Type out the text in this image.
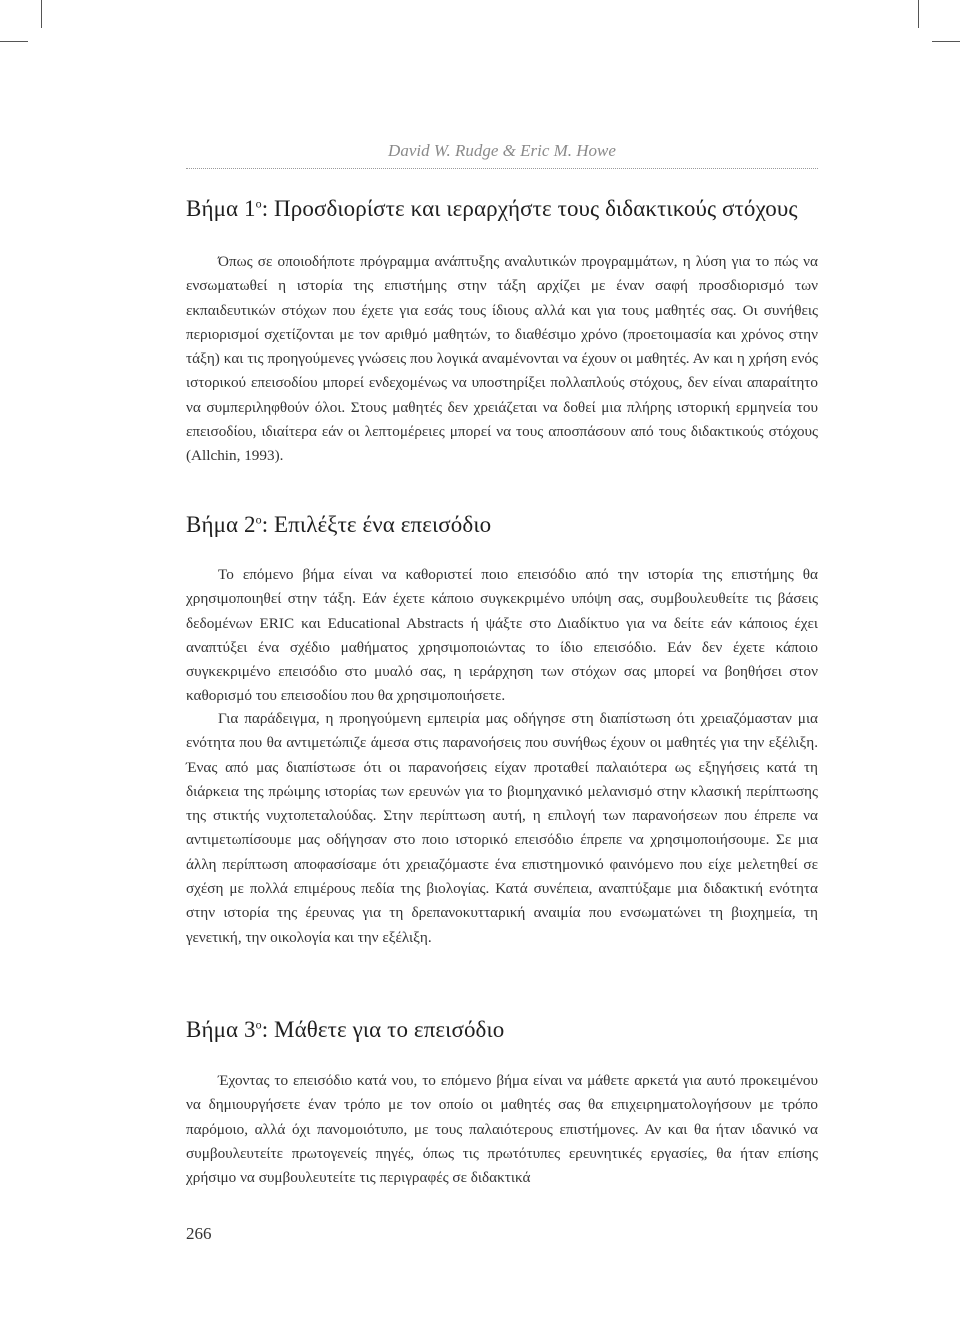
David W. Rudge & Eric M. Howe
Βήμα $1^o$: Προσδιορίστε και ιεραρχήστε τους διδακτικούς στόχους

Όπως σε οποιοδήποτε πρόγραμμα ανάπτυξης αναλυτικών προγραμμάτων, η λύση για το πώς να ενσωματωθεί η ιστορία της επιστήμης στην τάξη αρχίζει με έναν σαφή προσδιορισμό των εκπαιδευτικών στόχων που έχετε για εσάς τους ίδιους αλλά και για τους μαθητές σας. Οι συνήθεις περιορισμοί σχετίζονται με τον αριθμό μαθητών, το διαθέσιμο χρόνο (προετοιμασία και χρόνος στην τάξη) και τις προηγούμενες γνώσεις που λογικά αναμένονται να έχουν οι μαθητές. Αν και η χρήση ενός ιστορικού επεισοδίου μπορεί ενδεχομένως να υποστηρίξει πολλαπλούς στόχους, δεν είναι απαραίτητο να συμπεριληφθούν όλοι. Στους μαθητές δεν χρειάζεται να δοθεί μια πλήρης ιστορική ερμηνεία του επεισοδίου, ιδιαίτερα εάν οι λεπτομέρειες μπορεί να τους αποσπάσουν από τους διδακτικούς στόχους (Allchin, 1993).

Βήμα $2^o$: Επιλέξτε ένα επεισόδιο

Το επόμενο βήμα είναι να καθοριστεί ποιο επεισόδιο από την ιστορία της επιστήμης θα χρησιμοποιηθεί στην τάξη. Εάν έχετε κάποιο συγκεκριμένο υπόψη σας, συμβουλευθείτε τις βάσεις δεδομένων ERIC και Educational Abstracts ή ψάξτε στο Διαδίκτυο για να δείτε εάν κάποιος έχει αναπτύξει ένα σχέδιο μαθήματος χρησιμοποιώντας το ίδιο επεισόδιο. Εάν δεν έχετε κάποιο συγκεκριμένο επεισόδιο στο μυαλό σας, η ιεράρχηση των στόχων σας μπορεί να βοηθήσει στον καθορισμό του επεισοδίου που θα χρησιμοποιήσετε.

Για παράδειγμα, η προηγούμενη εμπειρία μας οδήγησε στη διαπίστωση ότι χρειαζόμασταν μια ενότητα που θα αντιμετώπιζε άμεσα στις παρανοήσεις που συνήθως έχουν οι μαθητές για την εξέλιξη. Ένας από μας διαπίστωσε ότι οι παρανοήσεις είχαν προταθεί παλαιότερα ως εξηγήσεις κατά τη διάρκεια της πρώιμης ιστορίας των ερευνών για το βιομηχανικό μελανισμό στην κλασική περίπτωσης της στικτής νυχτοπεταλούδας. Στην περίπτωση αυτή, η επιλογή των παρανοήσεων που έπρεπε να αντιμετωπίσουμε μας οδήγησαν στο ποιο ιστορικό επεισόδιο έπρεπε να χρησιμοποιήσουμε. Σε μια άλλη περίπτωση αποφασίσαμε ότι χρειαζόμαστε ένα επιστημονικό φαινόμενο που είχε μελετηθεί σε σχέση με πολλά επιμέρους πεδία της βιολογίας. Κατά συνέπεια, αναπτύξαμε μια διδακτική ενότητα στην ιστορία της έρευνας για τη δρεπανοκυτταρική αναιμία που ενσωματώνει τη βιοχημεία, τη γενετική, την οικολογία και την εξέλιξη.

Βήμα $3^o$: Μάθετε για το επεισόδιο

Έχοντας το επεισόδιο κατά νου, το επόμενο βήμα είναι να μάθετε αρκετά για αυτό προκειμένου να δημιουργήσετε έναν τρόπο με τον οποίο οι μαθητές σας θα επιχειρηματολογήσουν με τρόπο παρόμοιο, αλλά όχι πανομοιότυπο, με τους παλαιότερους επιστήμονες. Αν και θα ήταν ιδανικό να συμβουλευτείτε πρωτογενείς πηγές, όπως τις πρωτότυπες ερευνητικές εργασίες, θα ήταν επίσης χρήσιμο να συμβουλευτείτε τις περιγραφές σε διδακτικά

266
